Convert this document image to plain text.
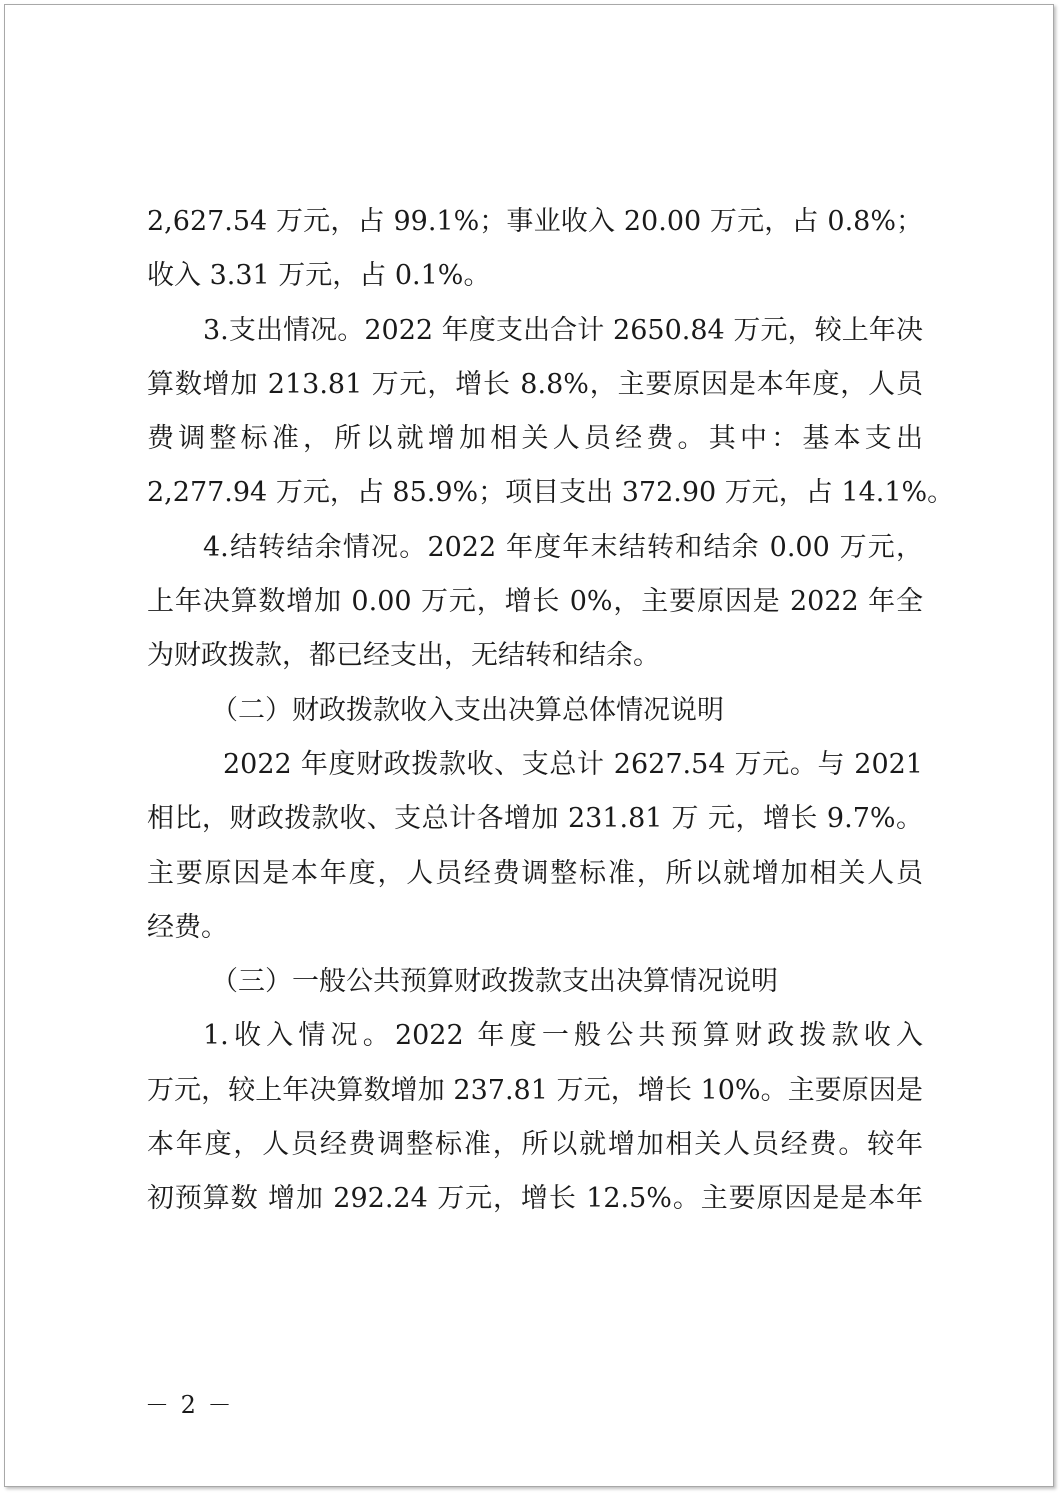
2,627.54 万元，占 99.1%；事业收入 20.00 万元，占 0.8%；
收入 3.31 万元，占 0.1%。
3.支出情况。2022 年度支出合计 2650.84 万元，较上年决
算数增加 213.81 万元，增长 8.8%，主要原因是本年度，人员
费调整标准，所以就增加相关人员经费。其中：基本支出
2,277.94 万元，占 85.9%；项目支出 372.90 万元，占 14.1%。
4.结转结余情况。2022 年度年末结转和结余 0.00 万元，
上年决算数增加 0.00 万元，增长 0%，主要原因是 2022 年全
为财政拨款，都已经支出，无结转和结余。
（二）财政拨款收入支出决算总体情况说明
2022 年度财政拨款收、支总计 2627.54 万元。与 2021
相比，财政拨款收、支总计各增加 231.81 万 元，增长 9.7%。
主要原因是本年度，人员经费调整标准，所以就增加相关人员
经费。
（三）一般公共预算财政拨款支出决算情况说明
1.收入情况。2022 年度一般公共预算财政拨款收入
万元，较上年决算数增加 237.81 万元，增长 10%。主要原因是
本年度，人员经费调整标准，所以就增加相关人员经费。较年
初预算数 增加 292.24 万元，增长 12.5%。主要原因是是本年
－ 2 －
